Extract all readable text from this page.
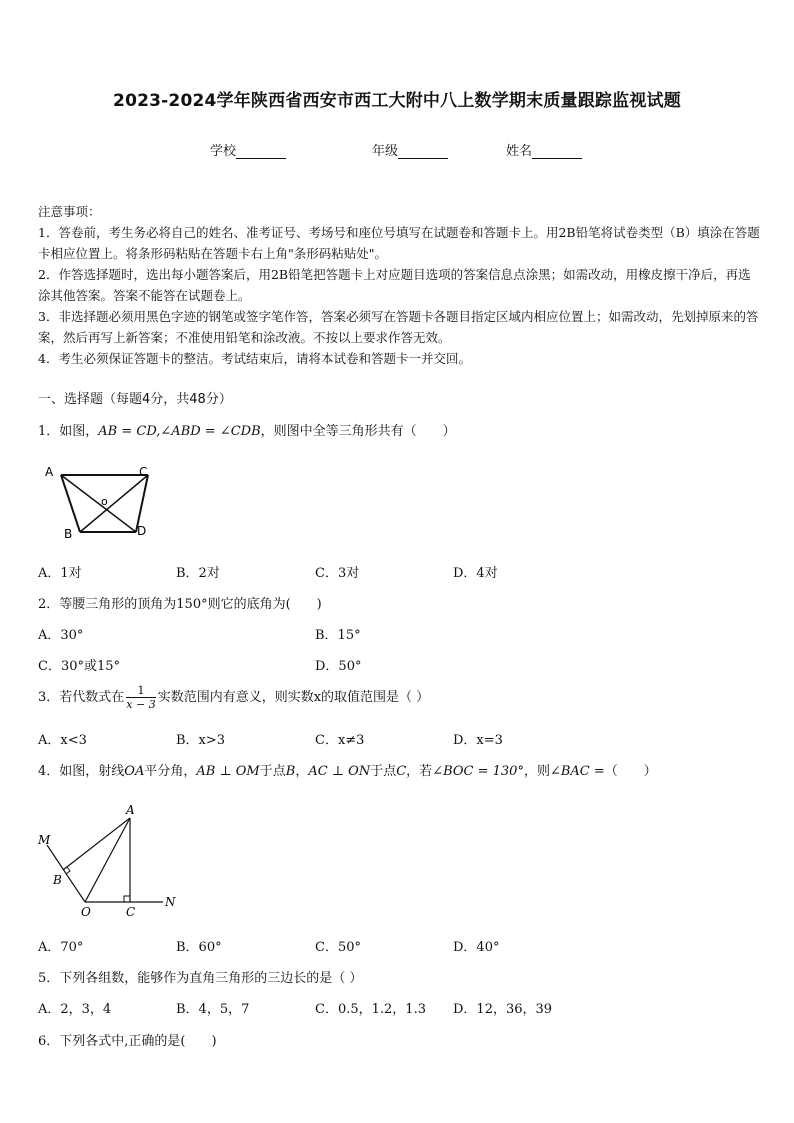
2023-2024学年陕西省西安市西工大附中八上数学期末质量跟踪监视试题
学校	年级	姓名

注意事项：

1．答卷前，考生务必将自己的姓名、准考证号、考场号和座位号填写在试题卷和答题卡上。用2B铅笔将试卷类型（B）填涂在答题卡相应位置上。将条形码粘贴在答题卡右上角"条形码粘贴处"。

2．作答选择题时，选出每小题答案后，用2B铅笔把答题卡上对应题目选项的答案信息点涂黑；如需改动，用橡皮擦干净后，再选涂其他答案。答案不能答在试题卷上。

3．非选择题必须用黑色字迹的钢笔或签字笔作答，答案必须写在答题卡各题目指定区域内相应位置上；如需改动，先划掉原来的答案，然后再写上新答案；不准使用铅笔和涂改液。不按以上要求作答无效。

4．考生必须保证答题卡的整洁。考试结束后，请将本试卷和答题卡一并交回。

一、选择题（每题4分，共48分）
1．如图，AB = CD,∠ABD = ∠CDB，则图中全等三角形共有（　　）
A	C
B	D
o
A．1对	B．2对	C．3对	D．4对
2．等腰三角形的顶角为150°则它的底角为(　　)
A．30°	B．15°
C．30°或15°	D．50°
3．若代数式在 $\frac{1}{x - 3}$ 实数范围内有意义，则实数x的取值范围是（ ）
A．x<3	B．x>3	C．x≠3	D．x=3
4．如图，射线OA平分角，AB ⊥ OM于点B，AC ⊥ ON于点C，若∠BOC = 130°，则∠BAC =（　　）
A
M
B
O	C
N
A．70°	B．60°	C．50°	D．40°
5．下列各组数，能够作为直角三角形的三边长的是（ ）
A．2，3，4	B．4，5，7	C．0.5，1.2，1.3 D．12，36，39
6．下列各式中,正确的是(　　)
